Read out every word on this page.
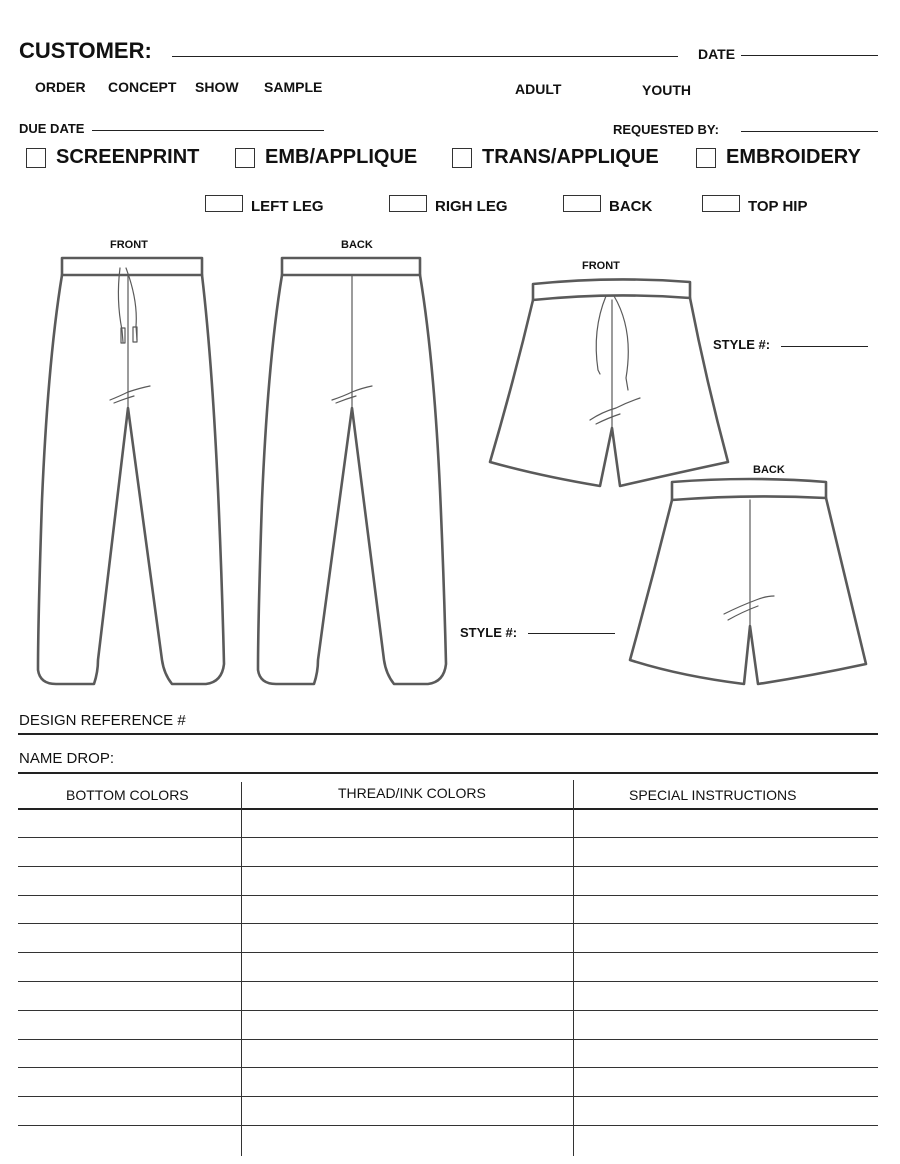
CUSTOMER:	DATE
ORDER CONCEPT SHOW SAMPLE	ADULT	YOUTH
DUE DATE	REQUESTED BY:
SCREENPRINT	EMB/APPLIQUE	TRANS/APPLIQUE	EMBROIDERY
LEFT LEG	RIGH LEG	BACK	TOP HIP
FRONT	BACK
FRONT
BACK
STYLE #:
STYLE #:
DESIGN REFERENCE #
NAME DROP:
BOTTOM COLORS	THREAD/INK COLORS	SPECIAL INSTRUCTIONS
